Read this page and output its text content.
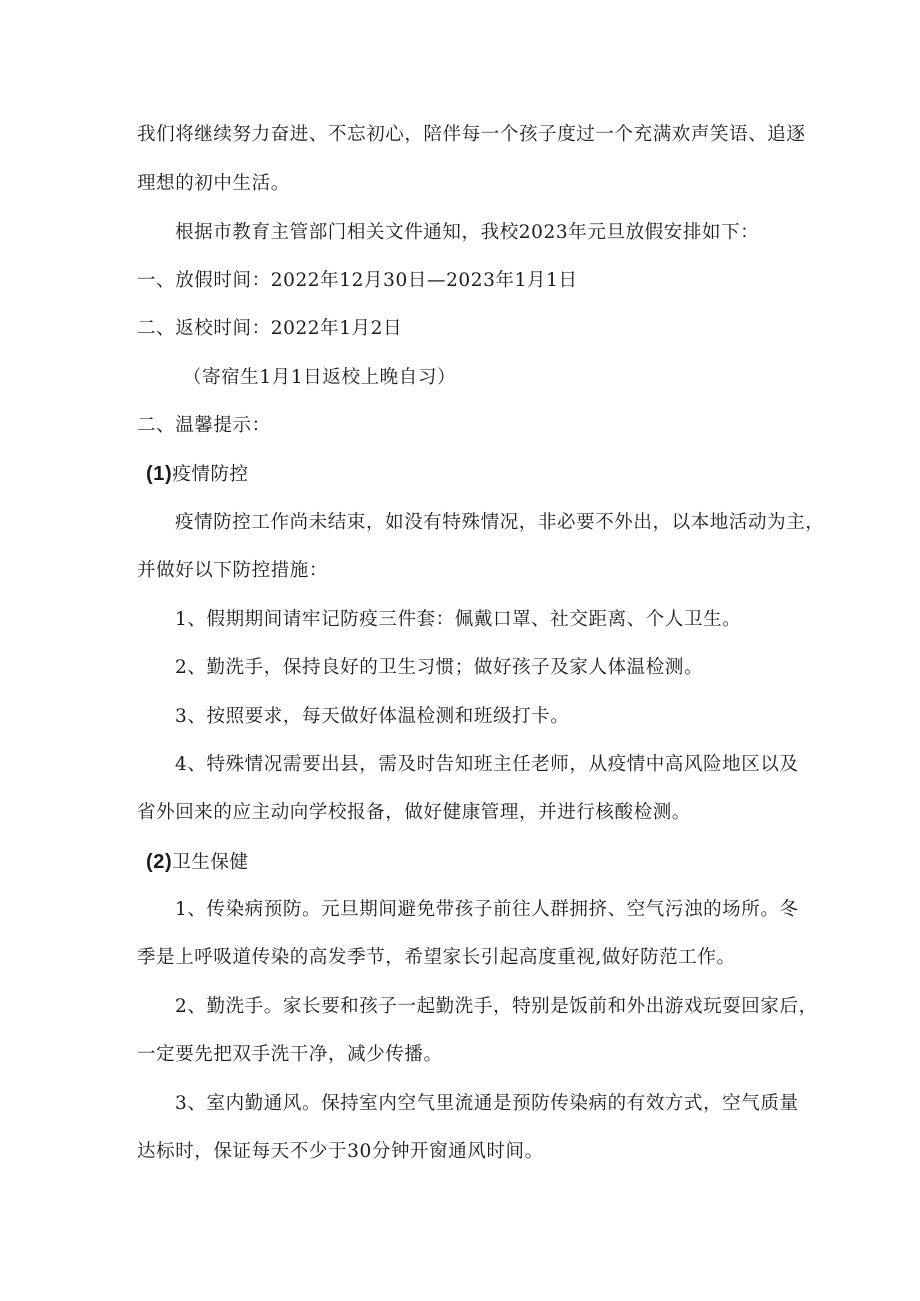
我们将继续努力奋进、不忘初心，陪伴每一个孩子度过一个充满欢声笑语、追逐
理想的初中生活。
根据市教育主管部门相关文件通知，我校2023年元旦放假安排如下：
一、放假时间：2022年12月30日—2023年1月1日
二、返校时间：2022年1月2日
（寄宿生1月1日返校上晚自习）
二、温馨提示：
(1)疫情防控
疫情防控工作尚未结束，如没有特殊情况，非必要不外出，以本地活动为主，
并做好以下防控措施：
1、假期期间请牢记防疫三件套：佩戴口罩、社交距离、个人卫生。
2、勤洗手，保持良好的卫生习惯；做好孩子及家人体温检测。
3、按照要求，每天做好体温检测和班级打卡。
4、特殊情况需要出县，需及时告知班主任老师，从疫情中高风险地区以及
省外回来的应主动向学校报备，做好健康管理，并进行核酸检测。
(2)卫生保健
1、传染病预防。元旦期间避免带孩子前往人群拥挤、空气污浊的场所。冬
季是上呼吸道传染的高发季节，希望家长引起高度重视,做好防范工作。
2、勤洗手。家长要和孩子一起勤洗手，特别是饭前和外出游戏玩耍回家后，
一定要先把双手洗干净，减少传播。
3、室内勤通风。保持室内空气里流通是预防传染病的有效方式，空气质量
达标时，保证每天不少于30分钟开窗通风时间。
